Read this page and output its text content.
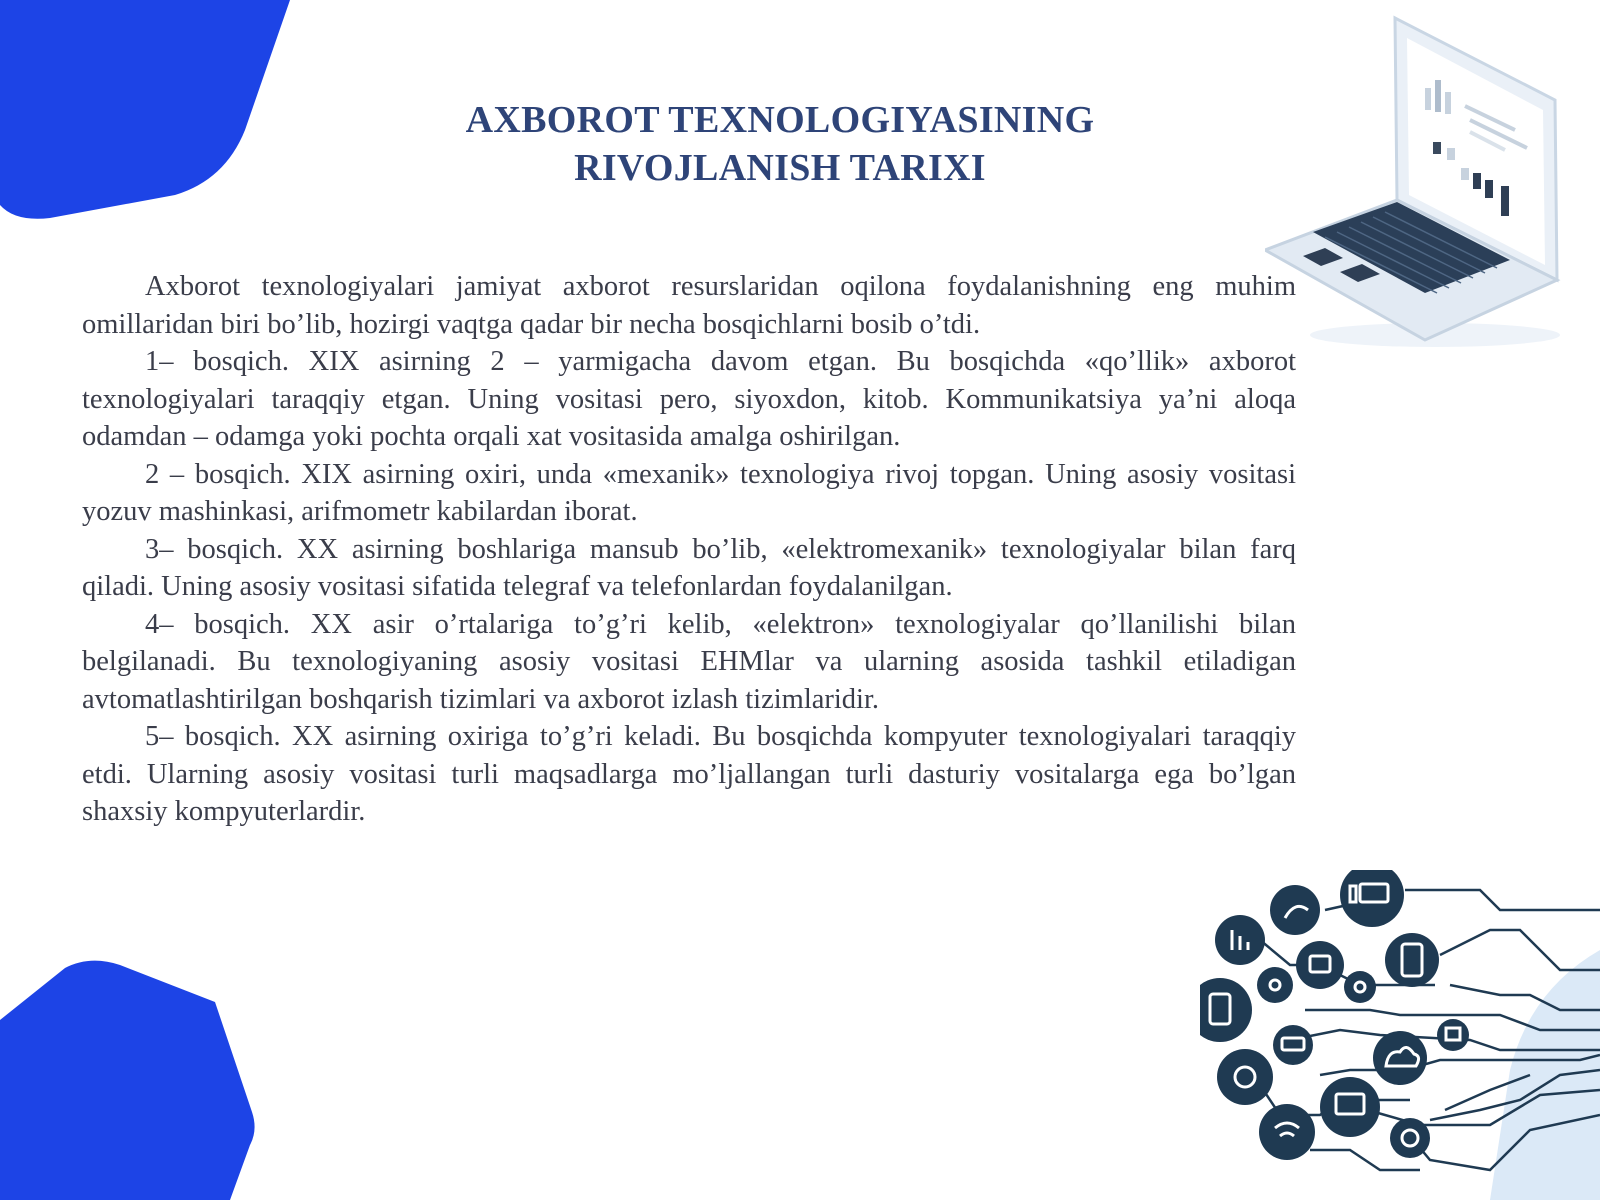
AXBOROT TEXNOLOGIYASINING
RIVOJLANISH TARIXI

Axborot texnologiyalari jamiyat axborot resurslaridan oqilona foydalanishning eng muhim omillaridan biri bo’lib, hozirgi vaqtga qadar bir necha bosqichlarni bosib o’tdi.

1– bosqich. XIX asirning 2 – yarmigacha davom etgan. Bu bosqichda «qo’llik» axborot texnologiyalari taraqqiy etgan. Uning vositasi pero, siyoxdon, kitob. Kommunikatsiya ya’ni aloqa odamdan – odamga yoki pochta orqali xat vositasida amalga oshirilgan.

2 – bosqich. XIX asirning oxiri, unda «mexanik» texnologiya rivoj topgan. Uning asosiy vositasi yozuv mashinkasi, arifmometr kabilardan iborat.

3– bosqich. XX asirning boshlariga mansub bo’lib, «elektromexanik» texnologiyalar bilan farq qiladi. Uning asosiy vositasi sifatida telegraf va telefonlardan foydalanilgan.

4– bosqich. XX asir o’rtalariga to’g’ri kelib, «elektron» texnologiyalar qo’llanilishi bilan belgilanadi. Bu texnologiyaning asosiy vositasi EHMlar va ularning asosida tashkil etiladigan avtomatlashtirilgan boshqarish tizimlari va axborot izlash tizimlaridir.

5– bosqich. XX asirning oxiriga to’g’ri keladi. Bu bosqichda kompyuter texnologiyalari taraqqiy etdi. Ularning asosiy vositasi turli maqsadlarga mo’ljallangan turli dasturiy vositalarga ega bo’lgan shaxsiy kompyuterlardir.
